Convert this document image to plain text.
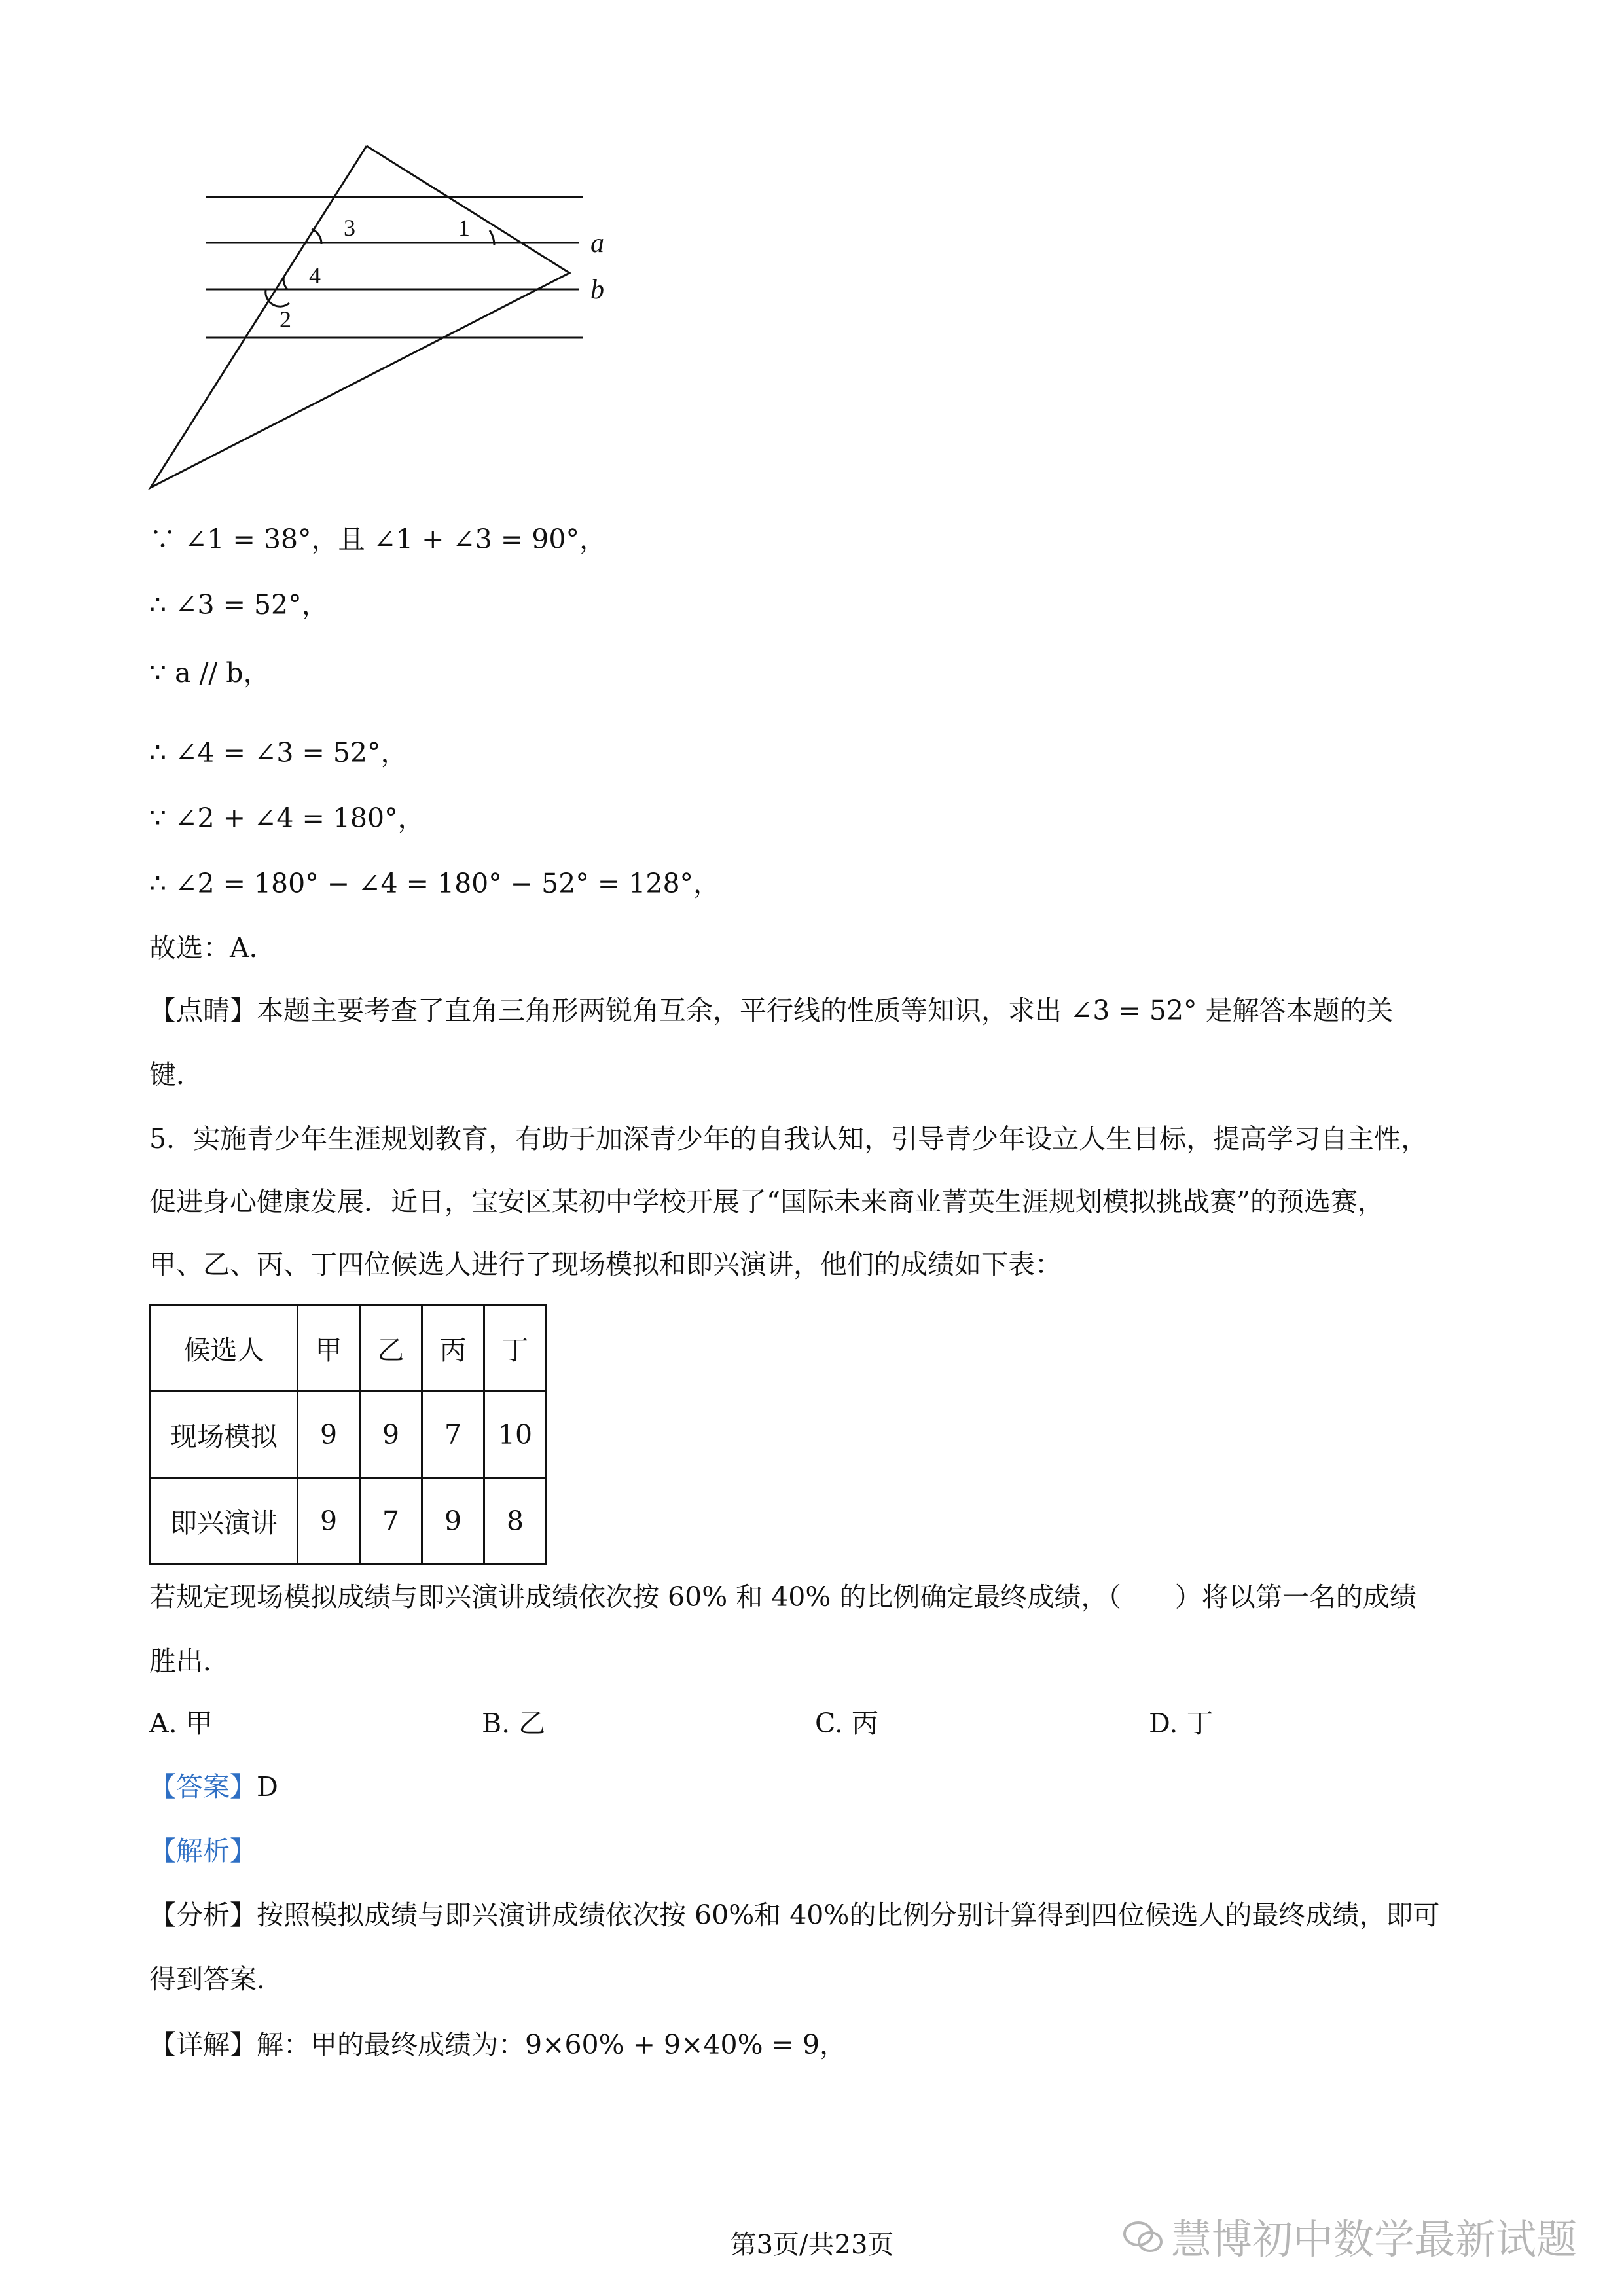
3	1
4
2
a
b
∵ ∠1 = 38°，且 ∠1 + ∠3 = 90°，
∴ ∠3 = 52°，
∵ a // b，
∴ ∠4 = ∠3 = 52°，
∵ ∠2 + ∠4 = 180°，
∴ ∠2 = 180° − ∠4 = 180° − 52° = 128°，
故选：A．
【点睛】本题主要考查了直角三角形两锐角互余，平行线的性质等知识，求出 ∠3 = 52° 是解答本题的关
键．
5．实施青少年生涯规划教育，有助于加深青少年的自我认知，引导青少年设立人生目标，提高学习自主性，
促进身心健康发展．近日，宝安区某初中学校开展了“国际未来商业菁英生涯规划模拟挑战赛”的预选赛，
甲、乙、丙、丁四位候选人进行了现场模拟和即兴演讲，他们的成绩如下表：
候选人	甲	乙	丙	丁
现场模拟	9	9	7	10
即兴演讲	9	7	9	8
若规定现场模拟成绩与即兴演讲成绩依次按 60% 和 40% 的比例确定最终成绩，（　　）将以第一名的成绩
胜出．
A. 甲	B. 乙	C. 丙	D. 丁
【答案】D
【解析】
【分析】按照模拟成绩与即兴演讲成绩依次按 60%和 40%的比例分别计算得到四位候选人的最终成绩，即可
得到答案．
【详解】解：甲的最终成绩为：9×60% + 9×40% = 9，
第3页/共23页	慧博初中数学最新试题
